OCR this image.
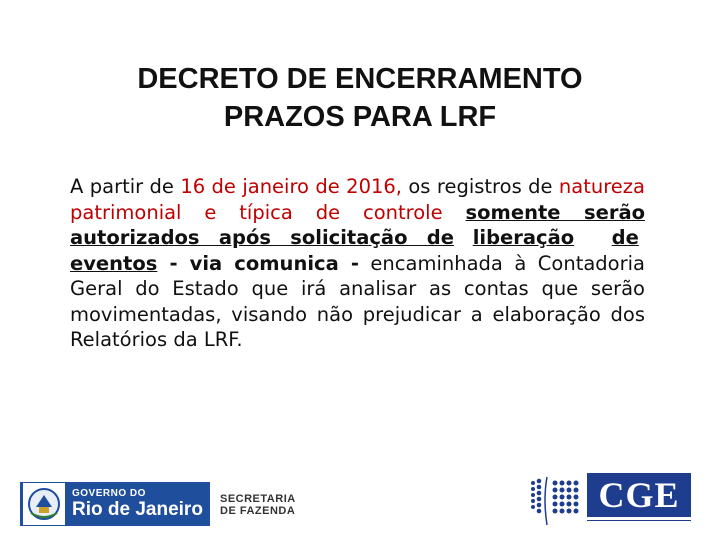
DECRETO DE ENCERRAMENTO
PRAZOS PARA LRF
A partir de 16 de janeiro de 2016, os registros de natureza patrimonial e típica de controle somente serão autorizados após solicitação de liberação de  eventos - via comunica - encaminhada à Contadoria Geral do Estado que irá analisar as contas que serão movimentadas, visando não prejudicar a elaboração dos Relatórios da LRF.
GOVERNO DO
Rio de Janeiro SECRETARIA
DE FAZENDA	CGE
